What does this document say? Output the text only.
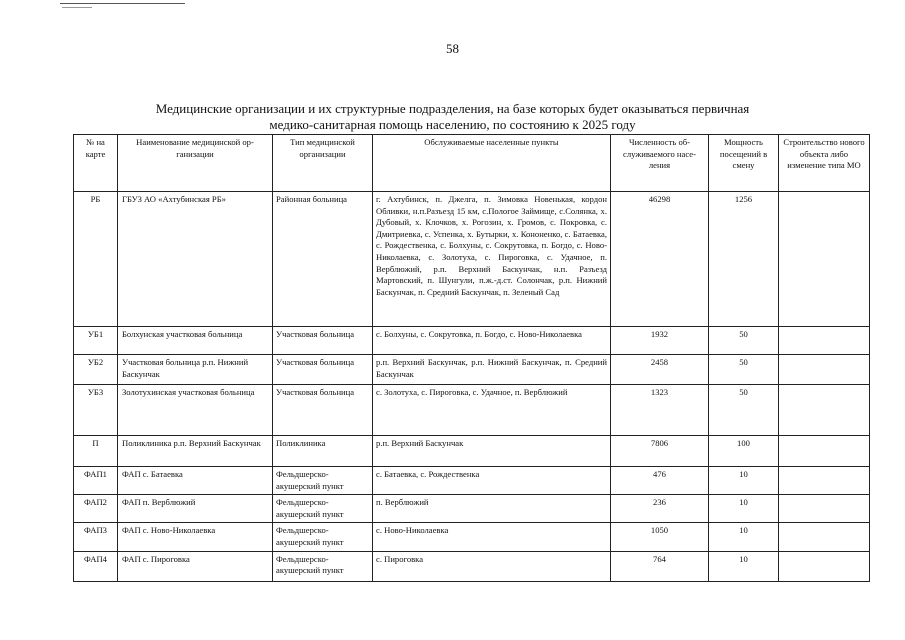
58
Медицинские организации и их структурные подразделения, на базе которых будет оказываться первичная
медико-санитарная помощь населению, по состоянию к 2025 году
№ на карте	Наименование медицинской ор-ганизации	Тип медицинской организации	Обслуживаемые населенные пункты	Численность об-служиваемого насе-ления	Мощность посещений в смену	Строительство нового объекта либо изменение типа МО
РБ	ГБУЗ АО «Ахтубинская РБ»	Районная больница	г. Ахтубинск, п. Джелга, п. Зимовка Новенькая, кордон Обливки, н.п.Разъезд 15 км, с.Пологое Займище, с.Солянка, х. Дубовый, х. Клочков, х. Рогозин, х. Громов, с. Покровка, с. Дмитриевка, с. Успенка, х. Бутырки, х. Кононенко, с. Батаевка, с. Рождественка, с. Болхуны, с. Сокрутовка, п. Богдо, с. Ново-Николаевка, с. Золотуха, с. Пироговка, с. Удачное, п. Верблюжий, р.п. Верхний Баскунчак, н.п. Разъезд Мартовский, п. Шунгули, п.ж.-д.ст. Солончак, р.п. Нижний Баскунчак, п. Средний Баскунчак, п. Зеленый Сад	46298	1256	
УБ1	Болхунская участковая больница	Участковая больница	с. Болхуны, с. Сокрутовка, п. Богдо, с. Ново-Николаевка	1932	50	
УБ2	Участковая больница р.п. Нижний Баскунчак	Участковая больница	р.п. Верхний Баскунчак, р.п. Нижний Баскунчак, п. Средний Баскунчак	2458	50	
УБ3	Золотухинская участковая больница	Участковая больница	с. Золотуха, с. Пироговка, с. Удачное, п. Верблюжий	1323	50	
П	Поликлиника р.п. Верхний Баскунчак	Поликлиника	р.п. Верхний Баскунчак	7806	100	
ФАП1	ФАП с. Батаевка	Фельдшерско-акушерский пункт	с. Батаевка, с. Рождественка	476	10	
ФАП2	ФАП п. Верблюжий	Фельдшерско-акушерский пункт	п. Верблюжий	236	10	
ФАП3	ФАП с. Ново-Николаевка	Фельдшерско-акушерский пункт	с. Ново-Николаевка	1050	10	
ФАП4	ФАП с. Пироговка	Фельдшерско-акушерский пункт	с. Пироговка	764	10	
